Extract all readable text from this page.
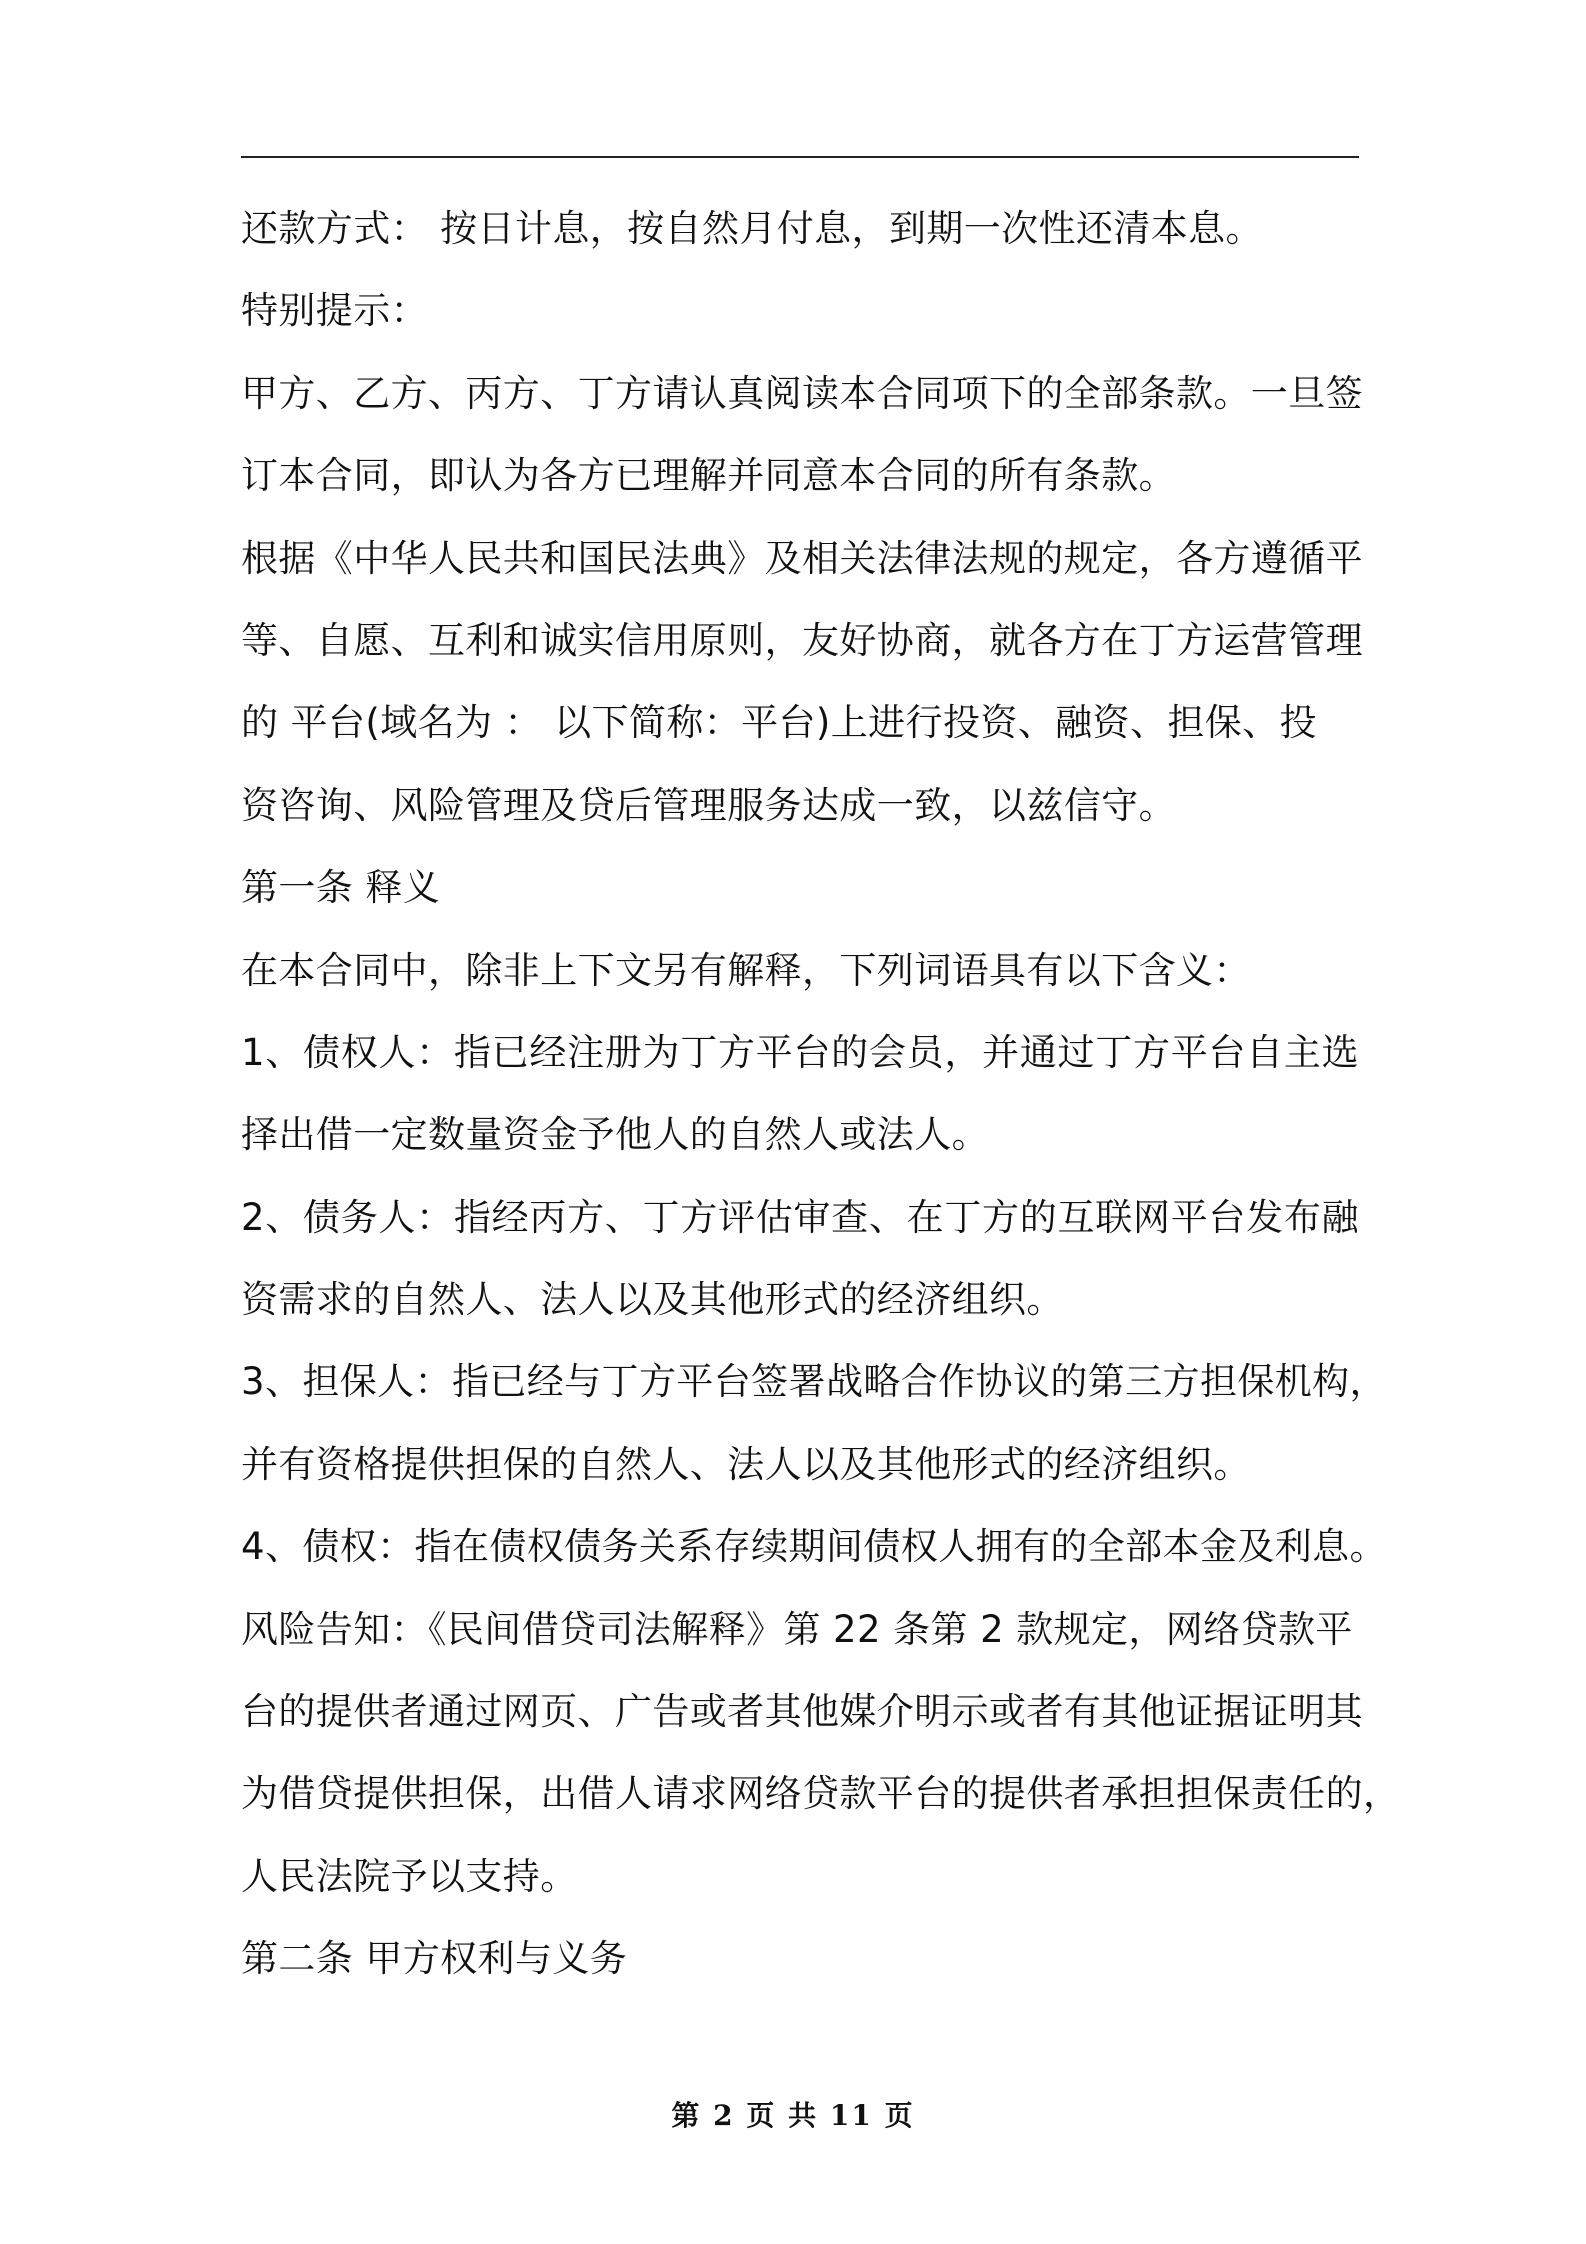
还款方式： 按日计息，按自然月付息，到期一次性还清本息。
特别提示：
甲方、乙方、丙方、丁方请认真阅读本合同项下的全部条款。一旦签
订本合同，即认为各方已理解并同意本合同的所有条款。
根据《中华人民共和国民法典》及相关法律法规的规定，各方遵循平
等、自愿、互利和诚实信用原则，友好协商，就各方在丁方运营管理
的 平台(域名为 ： 以下简称：平台)上进行投资、融资、担保、投
资咨询、风险管理及贷后管理服务达成一致，以兹信守。
第一条 释义
在本合同中，除非上下文另有解释，下列词语具有以下含义：
1、债权人：指已经注册为丁方平台的会员，并通过丁方平台自主选
择出借一定数量资金予他人的自然人或法人。
2、债务人：指经丙方、丁方评估审查、在丁方的互联网平台发布融
资需求的自然人、法人以及其他形式的经济组织。
3、担保人：指已经与丁方平台签署战略合作协议的第三方担保机构，
并有资格提供担保的自然人、法人以及其他形式的经济组织。
4、债权：指在债权债务关系存续期间债权人拥有的全部本金及利息。
风险告知：《民间借贷司法解释》第 22 条第 2 款规定，网络贷款平
台的提供者通过网页、广告或者其他媒介明示或者有其他证据证明其
为借贷提供担保，出借人请求网络贷款平台的提供者承担担保责任的，
人民法院予以支持。
第二条 甲方权利与义务
第 2 页 共 11 页
